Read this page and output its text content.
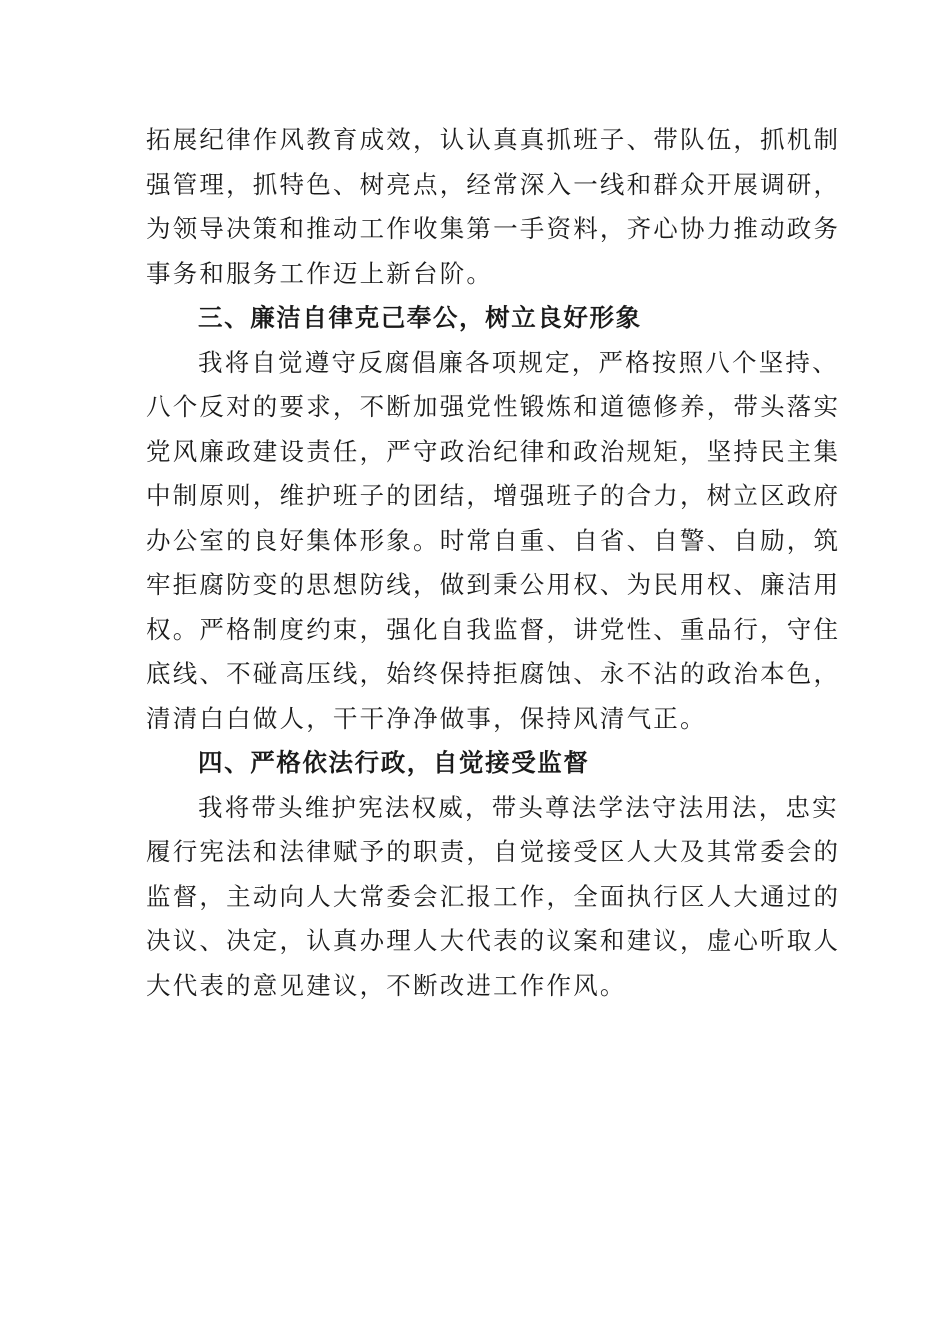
拓展纪律作风教育成效，认认真真抓班子、带队伍，抓机制
强管理，抓特色、树亮点，经常深入一线和群众开展调研，
为领导决策和推动工作收集第一手资料，齐心协力推动政务
事务和服务工作迈上新台阶。
三、廉洁自律克己奉公，树立良好形象
我将自觉遵守反腐倡廉各项规定，严格按照八个坚持、
八个反对的要求，不断加强党性锻炼和道德修养，带头落实
党风廉政建设责任，严守政治纪律和政治规矩，坚持民主集
中制原则，维护班子的团结，增强班子的合力，树立区政府
办公室的良好集体形象。时常自重、自省、自警、自励，筑
牢拒腐防变的思想防线，做到秉公用权、为民用权、廉洁用
权。严格制度约束，强化自我监督，讲党性、重品行，守住
底线、不碰高压线，始终保持拒腐蚀、永不沾的政治本色，
清清白白做人，干干净净做事，保持风清气正。
四、严格依法行政，自觉接受监督
我将带头维护宪法权威，带头尊法学法守法用法，忠实
履行宪法和法律赋予的职责，自觉接受区人大及其常委会的
监督，主动向人大常委会汇报工作，全面执行区人大通过的
决议、决定，认真办理人大代表的议案和建议，虚心听取人
大代表的意见建议，不断改进工作作风。
